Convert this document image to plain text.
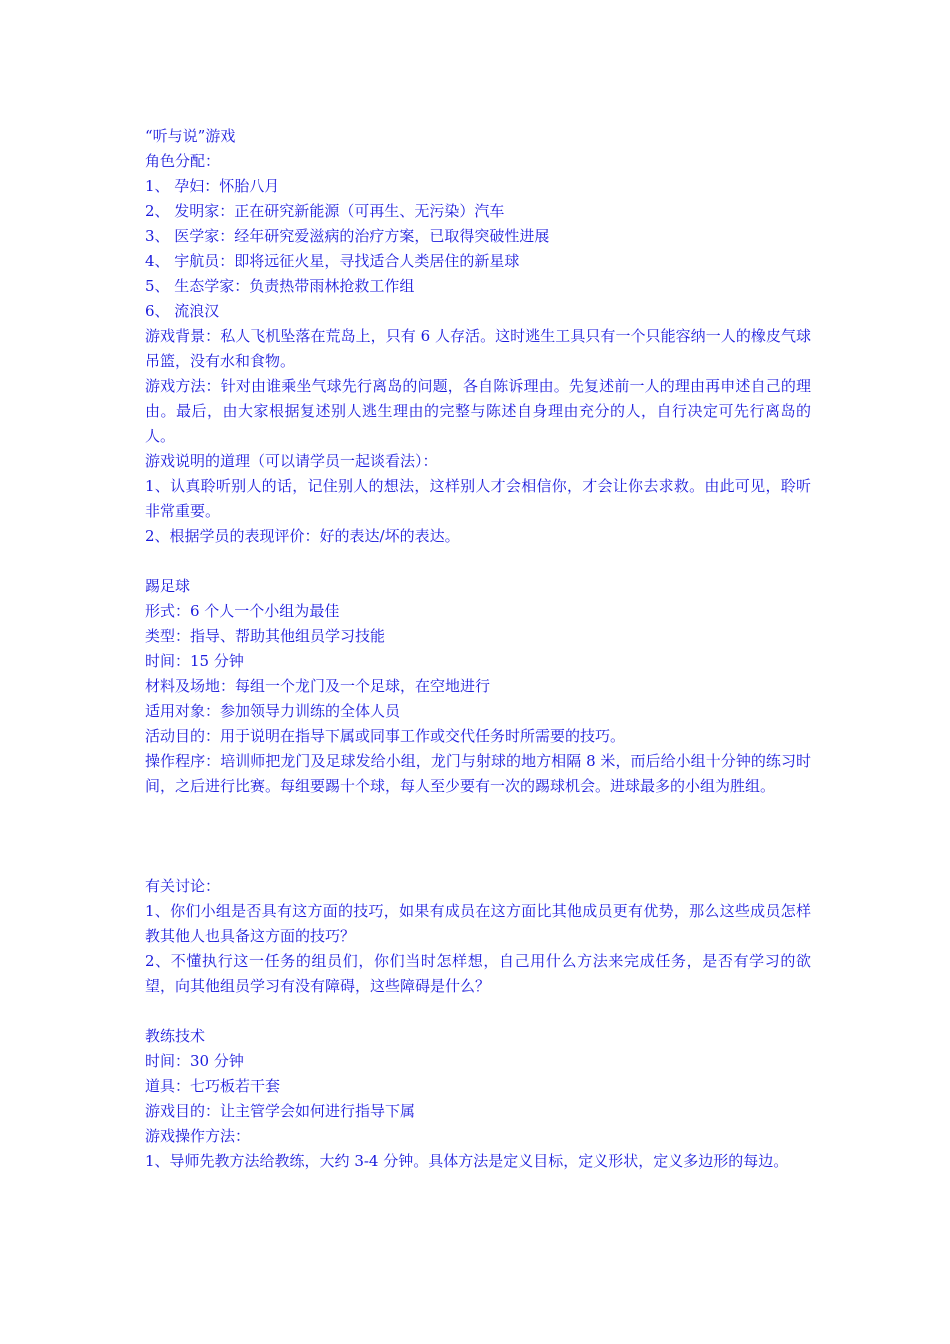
“听与说”游戏
角色分配：
1、 孕妇：怀胎八月
2、 发明家：正在研究新能源（可再生、无污染）汽车
3、 医学家：经年研究爱滋病的治疗方案，已取得突破性进展
4、 宇航员：即将远征火星，寻找适合人类居住的新星球
5、 生态学家：负责热带雨林抢救工作组
6、 流浪汉
游戏背景：私人飞机坠落在荒岛上，只有 6 人存活。这时逃生工具只有一个只能容纳一人的橡皮气球吊篮，没有水和食物。
游戏方法：针对由谁乘坐气球先行离岛的问题，各自陈诉理由。先复述前一人的理由再申述自己的理由。最后，由大家根据复述别人逃生理由的完整与陈述自身理由充分的人，自行决定可先行离岛的人。
游戏说明的道理（可以请学员一起谈看法）：
1、认真聆听别人的话，记住别人的想法，这样别人才会相信你，才会让你去求救。由此可见，聆听非常重要。
2、根据学员的表现评价：好的表达/坏的表达。
踢足球
形式：6 个人一个小组为最佳
类型：指导、帮助其他组员学习技能
时间：15 分钟
材料及场地：每组一个龙门及一个足球，在空地进行
适用对象：参加领导力训练的全体人员
活动目的：用于说明在指导下属或同事工作或交代任务时所需要的技巧。
操作程序：培训师把龙门及足球发给小组，龙门与射球的地方相隔 8 米，而后给小组十分钟的练习时间，之后进行比赛。每组要踢十个球，每人至少要有一次的踢球机会。进球最多的小组为胜组。
有关讨论：
1、你们小组是否具有这方面的技巧，如果有成员在这方面比其他成员更有优势，那么这些成员怎样教其他人也具备这方面的技巧？
2、不懂执行这一任务的组员们，你们当时怎样想，自己用什么方法来完成任务，是否有学习的欲望，向其他组员学习有没有障碍，这些障碍是什么？
教练技术
时间：30 分钟
道具：七巧板若干套
游戏目的：让主管学会如何进行指导下属
游戏操作方法：
1、导师先教方法给教练，大约 3-4 分钟。具体方法是定义目标，定义形状，定义多边形的每边。
